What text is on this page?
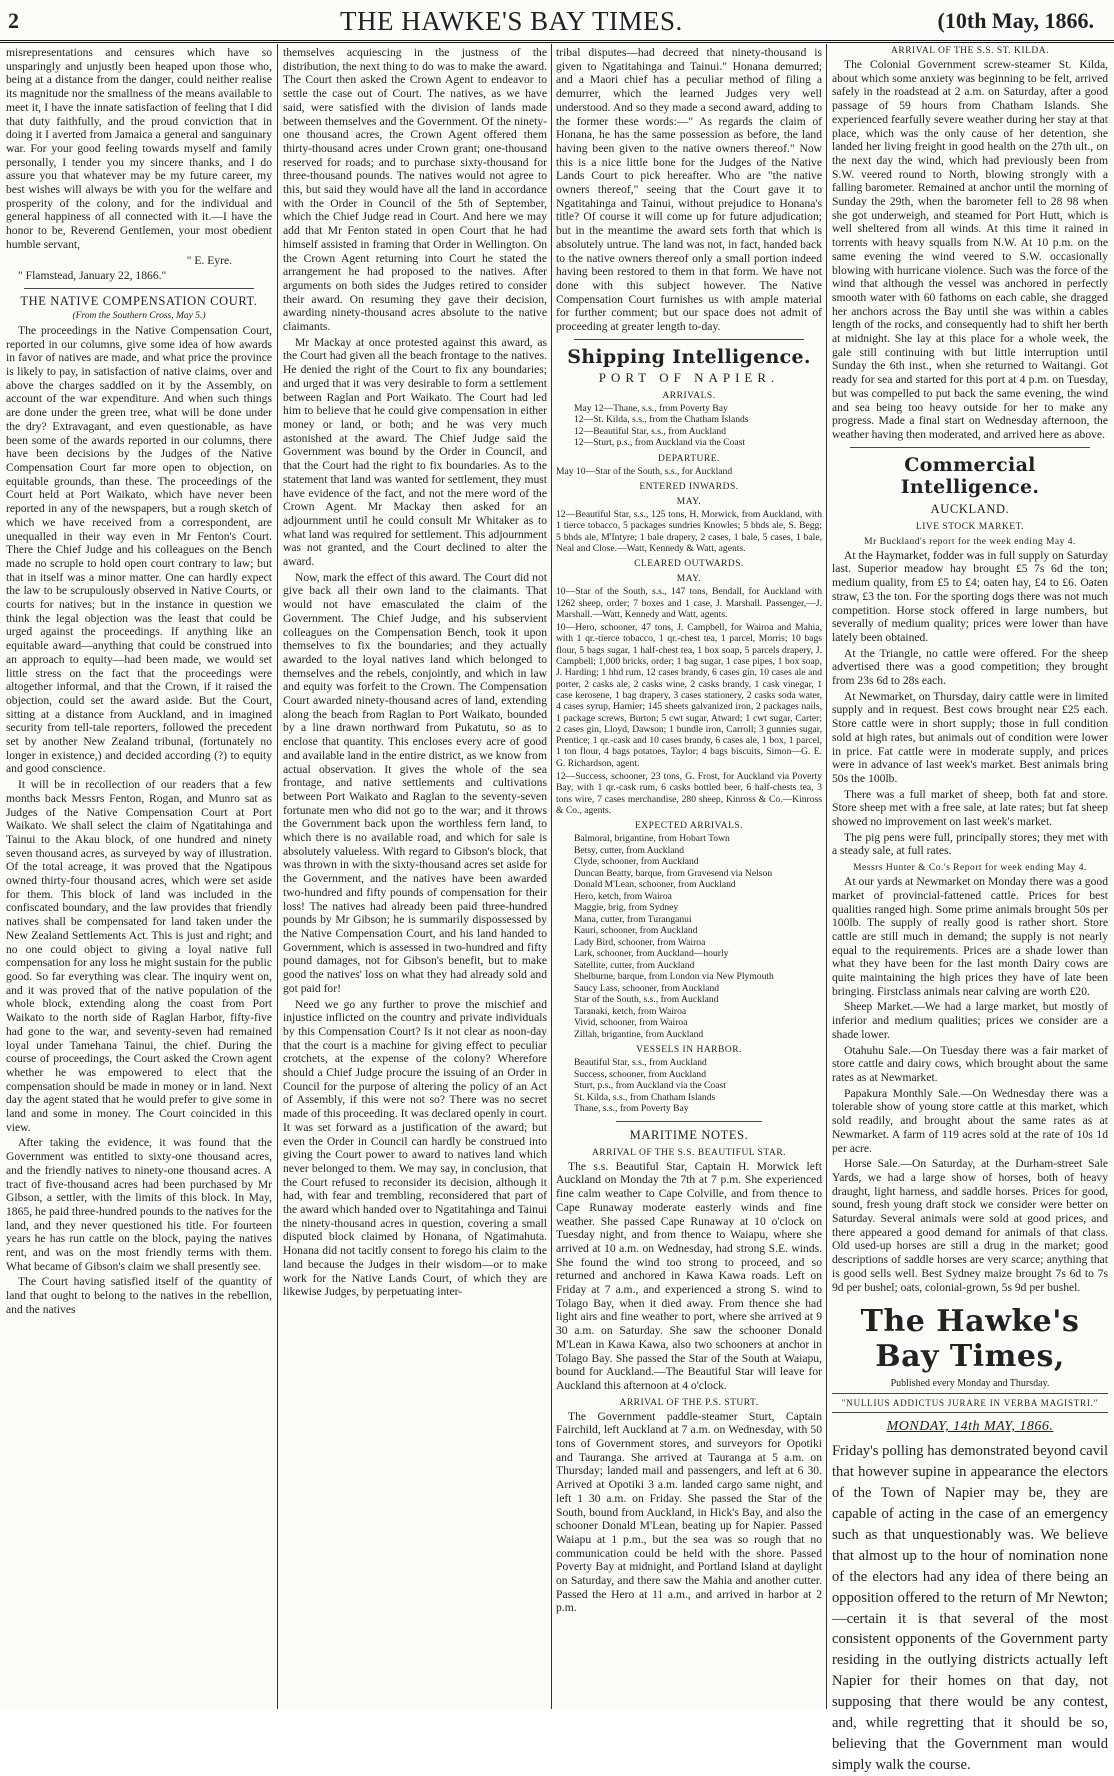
2	THE HAWKE'S BAY TIMES.	(10th May, 1866.

misrepresentations and censures which have so unsparingly and unjustly been heaped upon those who, being at a distance from the danger, could neither realise its magnitude nor the smallness of the means available to meet it, I have the innate satisfaction of feeling that I did that duty faithfully, and the proud conviction that in doing it I averted from Jamaica a general and sanguinary war. For your good feeling towards myself and family personally, I tender you my sincere thanks, and I do assure you that whatever may be my future career, my best wishes will always be with you for the welfare and prosperity of the colony, and for the individual and general happiness of all connected with it.—I have the honor to be, Reverend Gentlemen, your most obedient humble servant,

" E. Eyre.

" Flamstead, January 22, 1866."

THE NATIVE COMPENSATION COURT.
(From the Southern Cross, May 5.)

The proceedings in the Native Compensation Court, reported in our columns, give some idea of how awards in favor of natives are made, and what price the province is likely to pay, in satisfaction of native claims, over and above the charges saddled on it by the Assembly, on account of the war expenditure. And when such things are done under the green tree, what will be done under the dry? Extravagant, and even questionable, as have been some of the awards reported in our columns, there have been decisions by the Judges of the Native Compensation Court far more open to objection, on equitable grounds, than these. The proceedings of the Court held at Port Waikato, which have never been reported in any of the newspapers, but a rough sketch of which we have received from a correspondent, are unequalled in their way even in Mr Fenton's Court. There the Chief Judge and his colleagues on the Bench made no scruple to hold open court contrary to law; but that in itself was a minor matter. One can hardly expect the law to be scrupulously observed in Native Courts, or courts for natives; but in the instance in question we think the legal objection was the least that could be urged against the proceedings. If anything like an equitable award—anything that could be construed into an approach to equity—had been made, we would set little stress on the fact that the proceedings were altogether informal, and that the Crown, if it raised the objection, could set the award aside. But the Court, sitting at a distance from Auckland, and in imagined security from tell-tale reporters, followed the precedent set by another New Zealand tribunal, (fortunately no longer in existence,) and decided according (?) to equity and good conscience.

It will be in recollection of our readers that a few months back Messrs Fenton, Rogan, and Munro sat as Judges of the Native Compensation Court at Port Waikato. We shall select the claim of Ngatitahinga and Tainui to the Akau block, of one hundred and ninety seven thousand acres, as surveyed by way of illustration. Of the total acreage, it was proved that the Ngatipous owned thirty-four thousand acres, which were set aside for them. This block of land was included in the confiscated boundary, and the law provides that friendly natives shall be compensated for land taken under the New Zealand Settlements Act. This is just and right; and no one could object to giving a loyal native full compensation for any loss he might sustain for the public good. So far everything was clear. The inquiry went on, and it was proved that of the native population of the whole block, extending along the coast from Port Waikato to the north side of Raglan Harbor, fifty-five had gone to the war, and seventy-seven had remained loyal under Tamehana Tainui, the chief. During the course of proceedings, the Court asked the Crown agent whether he was empowered to elect that the compensation should be made in money or in land. Next day the agent stated that he would prefer to give some in land and some in money. The Court coincided in this view.

After taking the evidence, it was found that the Government was entitled to sixty-one thousand acres, and the friendly natives to ninety-one thousand acres. A tract of five-thousand acres had been purchased by Mr Gibson, a settler, with the limits of this block. In May, 1865, he paid three-hundred pounds to the natives for the land, and they never questioned his title. For fourteen years he has run cattle on the block, paying the natives rent, and was on the most friendly terms with them. What became of Gibson's claim we shall presently see.

The Court having satisfied itself of the quantity of land that ought to belong to the natives in the rebellion, and the natives

themselves acquiescing in the justness of the distribution, the next thing to do was to make the award. The Court then asked the Crown Agent to endeavor to settle the case out of Court. The natives, as we have said, were satisfied with the division of lands made between themselves and the Government. Of the ninety-one thousand acres, the Crown Agent offered them thirty-thousand acres under Crown grant; one-thousand reserved for roads; and to purchase sixty-thousand for three-thousand pounds. The natives would not agree to this, but said they would have all the land in accordance with the Order in Council of the 5th of September, which the Chief Judge read in Court. And here we may add that Mr Fenton stated in open Court that he had himself assisted in framing that Order in Wellington. On the Crown Agent returning into Court he stated the arrangement he had proposed to the natives. After arguments on both sides the Judges retired to consider their award. On resuming they gave their decision, awarding ninety-thousand acres absolute to the native claimants.

Mr Mackay at once protested against this award, as the Court had given all the beach frontage to the natives. He denied the right of the Court to fix any boundaries; and urged that it was very desirable to form a settlement between Raglan and Port Waikato. The Court had led him to believe that he could give compensation in either money or land, or both; and he was very much astonished at the award. The Chief Judge said the Government was bound by the Order in Council, and that the Court had the right to fix boundaries. As to the statement that land was wanted for settlement, they must have evidence of the fact, and not the mere word of the Crown Agent. Mr Mackay then asked for an adjournment until he could consult Mr Whitaker as to what land was required for settlement. This adjournment was not granted, and the Court declined to alter the award.

Now, mark the effect of this award. The Court did not give back all their own land to the claimants. That would not have emasculated the claim of the Government. The Chief Judge, and his subservient colleagues on the Compensation Bench, took it upon themselves to fix the boundaries; and they actually awarded to the loyal natives land which belonged to themselves and the rebels, conjointly, and which in law and equity was forfeit to the Crown. The Compensation Court awarded ninety-thousand acres of land, extending along the beach from Raglan to Port Waikato, bounded by a line drawn northward from Pukatutu, so as to enclose that quantity. This encloses every acre of good and available land in the entire district, as we know from actual observation. It gives the whole of the sea frontage, and native settlements and cultivations between Port Waikato and Raglan to the seventy-seven fortunate men who did not go to the war; and it throws the Government back upon the worthless fern land, to which there is no available road, and which for sale is absolutely valueless. With regard to Gibson's block, that was thrown in with the sixty-thousand acres set aside for the Government, and the natives have been awarded two-hundred and fifty pounds of compensation for their loss! The natives had already been paid three-hundred pounds by Mr Gibson; he is summarily dispossessed by the Native Compensation Court, and his land handed to Government, which is assessed in two-hundred and fifty pound damages, not for Gibson's benefit, but to make good the natives' loss on what they had already sold and got paid for!

Need we go any further to prove the mischief and injustice inflicted on the country and private individuals by this Compensation Court? Is it not clear as noon-day that the court is a machine for giving effect to peculiar crotchets, at the expense of the colony? Wherefore should a Chief Judge procure the issuing of an Order in Council for the purpose of altering the policy of an Act of Assembly, if this were not so? There was no secret made of this proceeding. It was declared openly in court. It was set forward as a justification of the award; but even the Order in Council can hardly be construed into giving the Court power to award to natives land which never belonged to them. We may say, in conclusion, that the Court refused to reconsider its decision, although it had, with fear and trembling, reconsidered that part of the award which handed over to Ngatitahinga and Tainui the ninety-thousand acres in question, covering a small disputed block claimed by Honana, of Ngatimahuta. Honana did not tacitly consent to forego his claim to the land because the Judges in their wisdom—or to make work for the Native Lands Court, of which they are likewise Judges, by perpetuating inter-

tribal disputes—had decreed that ninety-thousand is given to Ngatitahinga and Tainui." Honana demurred; and a Maori chief has a peculiar method of filing a demurrer, which the learned Judges very well understood. And so they made a second award, adding to the former these words:—" As regards the claim of Honana, he has the same possession as before, the land having been given to the native owners thereof." Now this is a nice little bone for the Judges of the Native Lands Court to pick hereafter. Who are "the native owners thereof," seeing that the Court gave it to Ngatitahinga and Tainui, without prejudice to Honana's title? Of course it will come up for future adjudication; but in the meantime the award sets forth that which is absolutely untrue. The land was not, in fact, handed back to the native owners thereof only a small portion indeed having been restored to them in that form. We have not done with this subject however. The Native Compensation Court furnishes us with ample material for further comment; but our space does not admit of proceeding at greater length to-day.

Shipping Intelligence.
PORT OF NAPIER.
ARRIVALS.
May 12—Thane, s.s., from Poverty Bay
12—St. Kilda, s.s., from the Chatham Islands
12—Beautiful Star, s.s., from Auckland
12—Sturt, p.s., from Auckland via the Coast
DEPARTURE.

May 10—Star of the South, s.s., for Auckland

ENTERED INWARDS.
MAY.

12—Beautiful Star, s.s., 125 tons, H. Morwick, from Auckland, with 1 tierce tobacco, 5 packages sundries Knowles; 5 bhds ale, S. Begg; 5 bhds ale, M'Intyre; 1 bale drapery, 2 cases, 1 bale, 5 cases, 1 bale, Neal and Close.—Watt, Kennedy & Watt, agents.

CLEARED OUTWARDS.
MAY.

10—Star of the South, s.s., 147 tons, Bendall, for Auckland with 1262 sheep, order; 7 boxes and 1 case, J. Marshall. Passenger,—J. Marshall.—Watt, Kennedy and Watt, agents.

10—Hero, schooner, 47 tons, J. Campbell, for Wairoa and Mahia, with 1 qr.-tierce tobacco, 1 qr.-chest tea, 1 parcel, Morris; 10 bags flour, 5 bags sugar, 1 half-chest tea, 1 box soap, 5 parcels drapery, J. Campbell; 1,000 bricks, order; 1 bag sugar, 1 case pipes, 1 box soap, J. Harding; 1 hhd rum, 12 cases brandy, 6 cases gin, 10 cases ale and porter, 2 casks ale, 2 casks wine, 2 casks brandy, 1 cask vinegar, 1 case kerosene, 1 bag drapery, 3 cases stationery, 2 casks soda water, 4 cases syrup, Harnier; 145 sheets galvanized iron, 2 packages nails, 1 package screws, Burton; 5 cwt sugar, Atward; 1 cwt sugar, Carter; 2 cases gin, Lloyd, Dawson; 1 bundle iron, Carroll; 3 gunnies sugar, Prentice; 1 qr.-cask and 10 cases brandy, 6 cases ale, 1 box, 1 parcel, 1 ton flour, 4 bags potatoes, Taylor; 4 bags biscuits, Simon—G. E. G. Richardson, agent.

12—Success, schooner, 23 tons, G. Frost, for Auckland via Poverty Bay, with 1 qr.-cask rum, 6 casks bottled beer, 6 half-chests tea, 3 tons wire, 7 cases merchandise, 280 sheep, Kinross & Co.—Kinross & Co., agents.

EXPECTED ARRIVALS.
Balmoral, brigantine, from Hobart Town
Betsy, cutter, from Auckland
Clyde, schooner, from Auckland
Duncan Beatty, barque, from Gravesend via Nelson
Donald M'Lean, schooner, from Auckland
Hero, ketch, from Wairoa
Maggie, brig, from Sydney
Mana, cutter, from Turanganui
Kauri, schooner, from Auckland
Lady Bird, schooner, from Wairoa
Lark, schooner, from Auckland—hourly
Satellite, cutter, from Auckland
Shelburne, barque, from London via New Plymouth
Saucy Lass, schooner, from Auckland
Star of the South, s.s., from Auckland
Taranaki, ketch, from Wairoa
Vivid, schooner, from Wairoa
Zillah, brigantine, from Auckland
VESSELS IN HARBOR.
Beautiful Star, s.s., from Auckland
Success, schooner, from Auckland
Sturt, p.s., from Auckland via the Coast
St. Kilda, s.s., from Chatham Islands
Thane, s.s., from Poverty Bay
MARITIME NOTES.
ARRIVAL OF THE S.S. BEAUTIFUL STAR.

The s.s. Beautiful Star, Captain H. Morwick left Auckland on Monday the 7th at 7 p.m. She experienced fine calm weather to Cape Colville, and from thence to Cape Runaway moderate easterly winds and fine weather. She passed Cape Runaway at 10 o'clock on Tuesday night, and from thence to Waiapu, where she arrived at 10 a.m. on Wednesday, had strong S.E. winds. She found the wind too strong to proceed, and so returned and anchored in Kawa Kawa roads. Left on Friday at 7 a.m., and experienced a strong S. wind to Tolago Bay, when it died away. From thence she had light airs and fine weather to port, where she arrived at 9 30 a.m. on Saturday. She saw the schooner Donald M'Lean in Kawa Kawa, also two schooners at anchor in Tolago Bay. She passed the Star of the South at Waiapu, bound for Auckland.—The Beautiful Star will leave for Auckland this afternoon at 4 o'clock.

ARRIVAL OF THE P.S. STURT.

The Government paddle-steamer Sturt, Captain Fairchild, left Auckland at 7 a.m. on Wednesday, with 50 tons of Government stores, and surveyors for Opotiki and Tauranga. She arrived at Tauranga at 5 a.m. on Thursday; landed mail and passengers, and left at 6 30. Arrived at Opotiki 3 a.m. landed cargo same night, and left 1 30 a.m. on Friday. She passed the Star of the South, bound from Auckland, in Hick's Bay, and also the schooner Donald M'Lean, beating up for Napier. Passed Waiapu at 1 p.m., but the sea was so rough that no communication could be held with the shore. Passed Poverty Bay at midnight, and Portland Island at daylight on Saturday, and there saw the Mahia and another cutter. Passed the Hero at 11 a.m., and arrived in harbor at 2 p.m.

ARRIVAL OF THE S.S. ST. KILDA.

The Colonial Government screw-steamer St. Kilda, about which some anxiety was beginning to be felt, arrived safely in the roadstead at 2 a.m. on Saturday, after a good passage of 59 hours from Chatham Islands. She experienced fearfully severe weather during her stay at that place, which was the only cause of her detention, she landed her living freight in good health on the 27th ult., on the next day the wind, which had previously been from S.W. veered round to North, blowing strongly with a falling barometer. Remained at anchor until the morning of Sunday the 29th, when the barometer fell to 28 98 when she got underweigh, and steamed for Port Hutt, which is well sheltered from all winds. At this time it rained in torrents with heavy squalls from N.W. At 10 p.m. on the same evening the wind veered to S.W. occasionally blowing with hurricane violence. Such was the force of the wind that although the vessel was anchored in perfectly smooth water with 60 fathoms on each cable, she dragged her anchors across the Bay until she was within a cables length of the rocks, and consequently had to shift her berth at midnight. She lay at this place for a whole week, the gale still continuing with but little interruption until Sunday the 6th inst., when she returned to Waitangi. Got ready for sea and started for this port at 4 p.m. on Tuesday, but was compelled to put back the same evening, the wind and sea being too heavy outside for her to make any progress. Made a final start on Wednesday afternoon, the weather having then moderated, and arrived here as above.

Commercial Intelligence.
AUCKLAND.
LIVE STOCK MARKET.
Mr Buckland's report for the week ending May 4.

At the Haymarket, fodder was in full supply on Saturday last. Superior meadow hay brought £5 7s 6d the ton; medium quality, from £5 to £4; oaten hay, £4 to £6. Oaten straw, £3 the ton. For the sporting dogs there was not much competition. Horse stock offered in large numbers, but severally of medium quality; prices were lower than have lately been obtained.

At the Triangle, no cattle were offered. For the sheep advertised there was a good competition; they brought from 23s 6d to 28s each.

At Newmarket, on Thursday, dairy cattle were in limited supply and in request. Best cows brought near £25 each. Store cattle were in short supply; those in full condition sold at high rates, but animals out of condition were lower in price. Fat cattle were in moderate supply, and prices were in advance of last week's market. Best animals bring 50s the 100lb.

There was a full market of sheep, both fat and store. Store sheep met with a free sale, at late rates; but fat sheep showed no improvement on last week's market.

The pig pens were full, principally stores; they met with a steady sale, at full rates.

Messrs Hunter & Co.'s Report for week ending May 4.

At our yards at Newmarket on Monday there was a good market of provincial-fattened cattle. Prices for best qualities ranged high. Some prime animals brought 50s per 100lb. The supply of really good is rather short. Store cattle are still much in demand; the supply is not nearly equal to the requirements. Prices are a shade lower than what they have been for the last month Dairy cows are quite maintaining the high prices they have of late been bringing. Firstclass animals near calving are worth £20.

Sheep Market.—We had a large market, but mostly of inferior and medium qualities; prices we consider are a shade lower.

Otahuhu Sale.—On Tuesday there was a fair market of store cattle and dairy cows, which brought about the same rates as at Newmarket.

Papakura Monthly Sale.—On Wednesday there was a tolerable show of young store cattle at this market, which sold readily, and brought about the same rates as at Newmarket. A farm of 119 acres sold at the rate of 10s 1d per acre.

Horse Sale.—On Saturday, at the Durham-street Sale Yards, we had a large show of horses, both of heavy draught, light harness, and saddle horses. Prices for good, sound, fresh young draft stock we consider were better on Saturday. Several animals were sold at good prices, and there appeared a good demand for animals of that class. Old used-up horses are still a drug in the market; good descriptions of saddle horses are very scarce; anything that is good sells well. Best Sydney maize brought 7s 6d to 7s 9d per bushel; oats, colonial-grown, 5s 9d per bushel.

The Hawke's Bay Times,
Published every Monday and Thursday.
"NULLIUS ADDICTUS JURARE IN VERBA MAGISTRI."
MONDAY, 14th MAY, 1866.

Friday's polling has demonstrated beyond cavil that however supine in appearance the electors of the Town of Napier may be, they are capable of acting in the case of an emergency such as that unquestionably was. We believe that almost up to the hour of nomination none of the electors had any idea of there being an opposition offered to the return of Mr Newton;—certain it is that several of the most consistent opponents of the Government party residing in the outlying districts actually left Napier for their homes on that day, not supposing that there would be any contest, and, while regretting that it should be so, believing that the Government man would simply walk the course.
